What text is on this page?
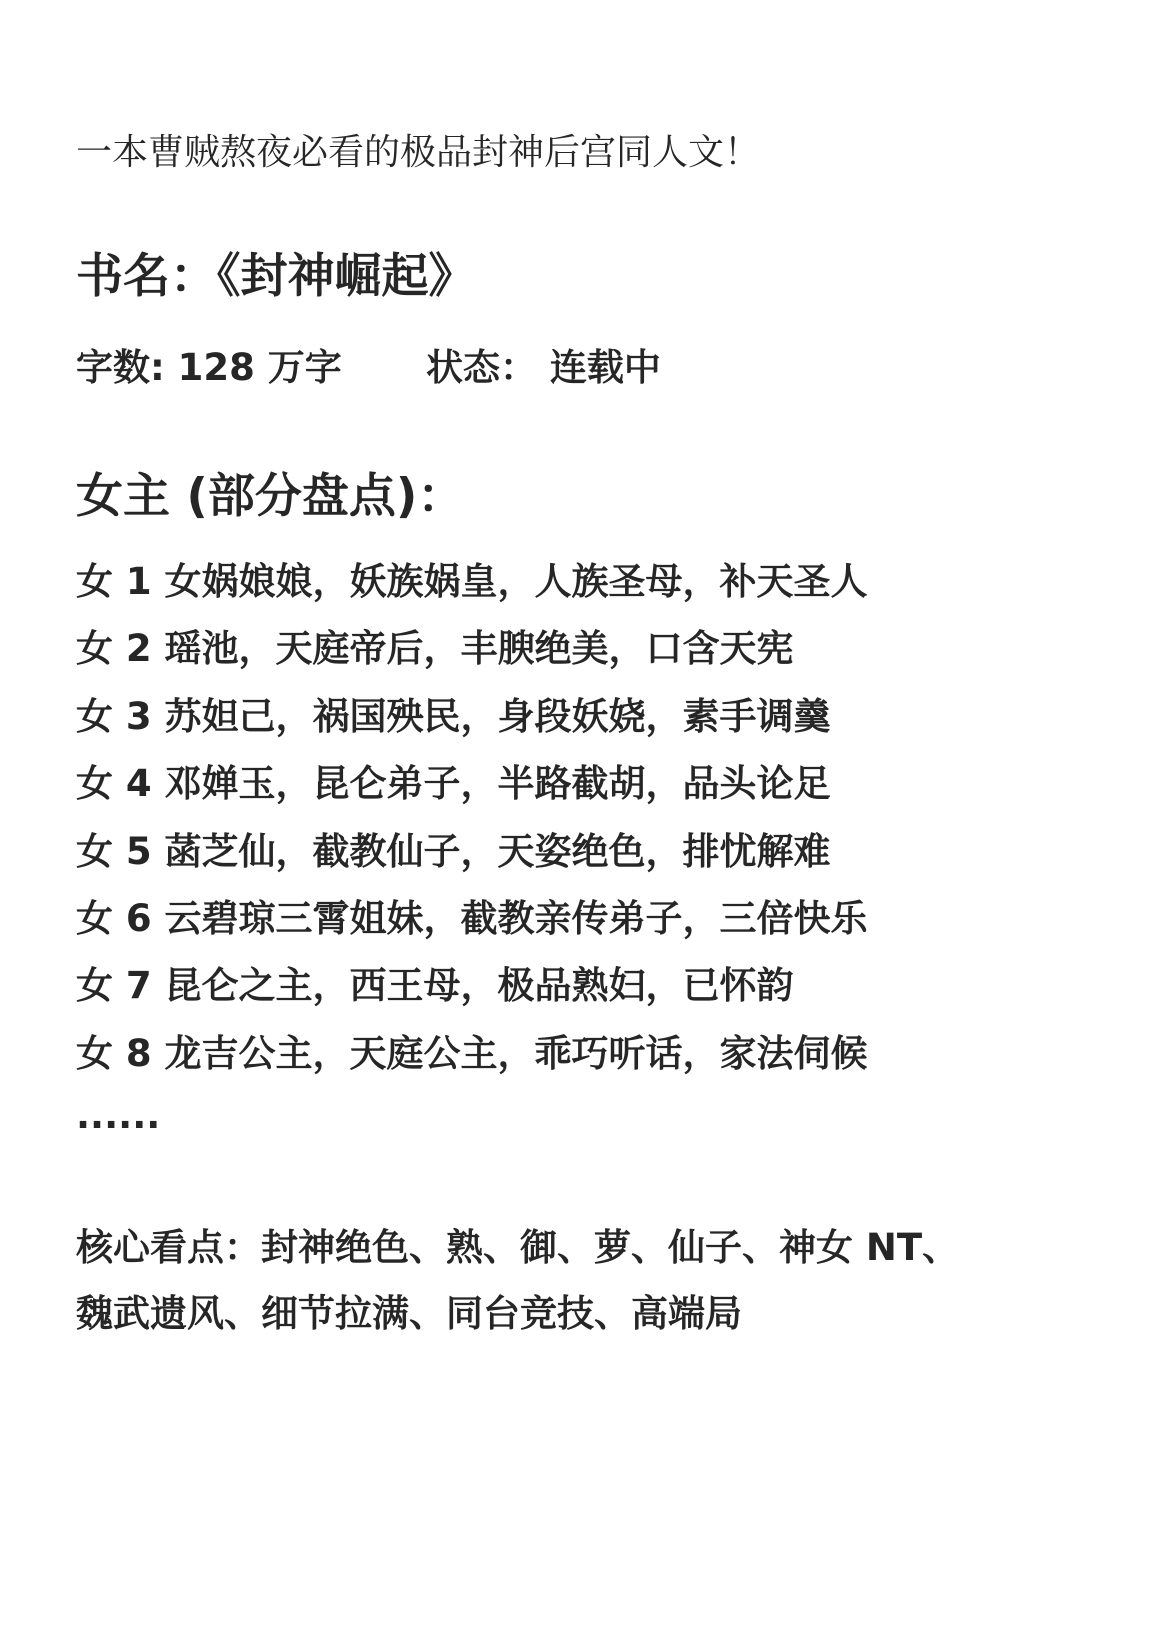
一本曹贼熬夜必看的极品封神后宫同人文！
书名：《封神崛起》
字数: 128 万字 状态： 连载中
女主 (部分盘点)：
女 1 女娲娘娘，妖族娲皇，人族圣母，补天圣人
女 2 瑶池，天庭帝后，丰腴绝美，口含天宪
女 3 苏妲己，祸国殃民，身段妖娆，素手调羹
女 4 邓婵玉，昆仑弟子，半路截胡，品头论足
女 5 菡芝仙，截教仙子，天姿绝色，排忧解难
女 6 云碧琼三霄姐妹，截教亲传弟子，三倍快乐
女 7 昆仑之主，西王母，极品熟妇，已怀韵
女 8 龙吉公主，天庭公主，乖巧听话，家法伺候
......
核心看点：封神绝色、熟、御、萝、仙子、神女 NT、
魏武遗风、细节拉满、同台竞技、高端局
